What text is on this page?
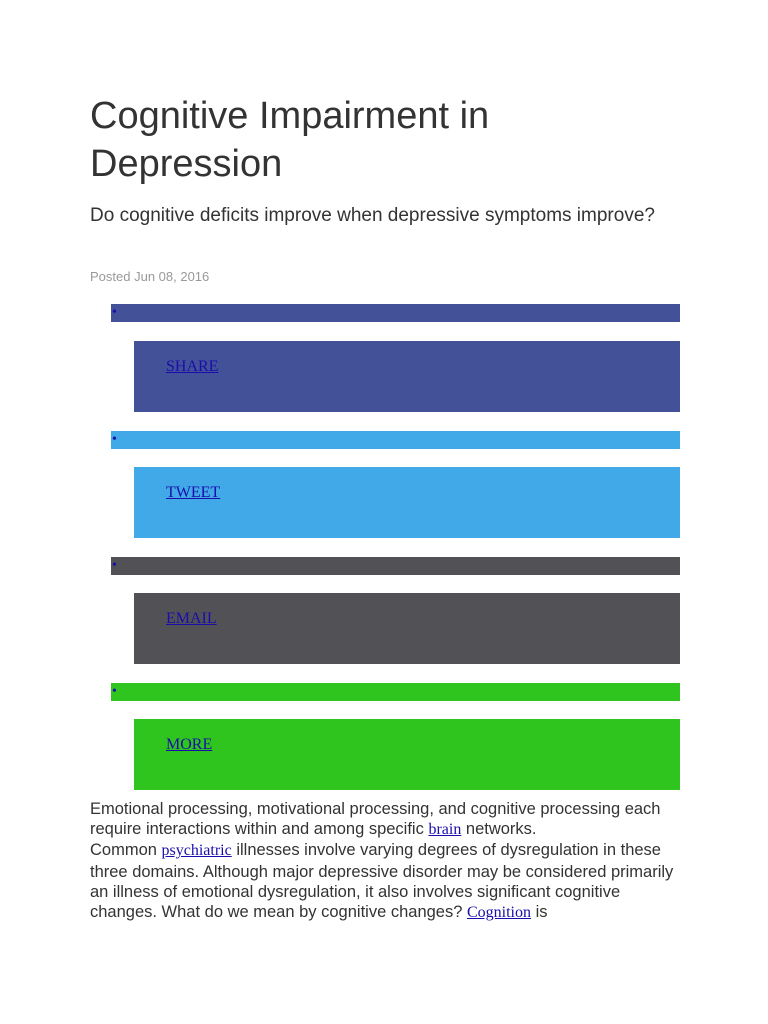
Cognitive Impairment in Depression
Do cognitive deficits improve when depressive symptoms improve?
Posted Jun 08, 2016
•
SHARE
•
TWEET
•
EMAIL
•
MORE
Emotional processing, motivational processing, and cognitive processing each require interactions within and among specific brain networks.
Common psychiatric illnesses involve varying degrees of dysregulation in these three domains. Although major depressive disorder may be considered primarily an illness of emotional dysregulation, it also involves significant cognitive changes. What do we mean by cognitive changes? Cognition is
